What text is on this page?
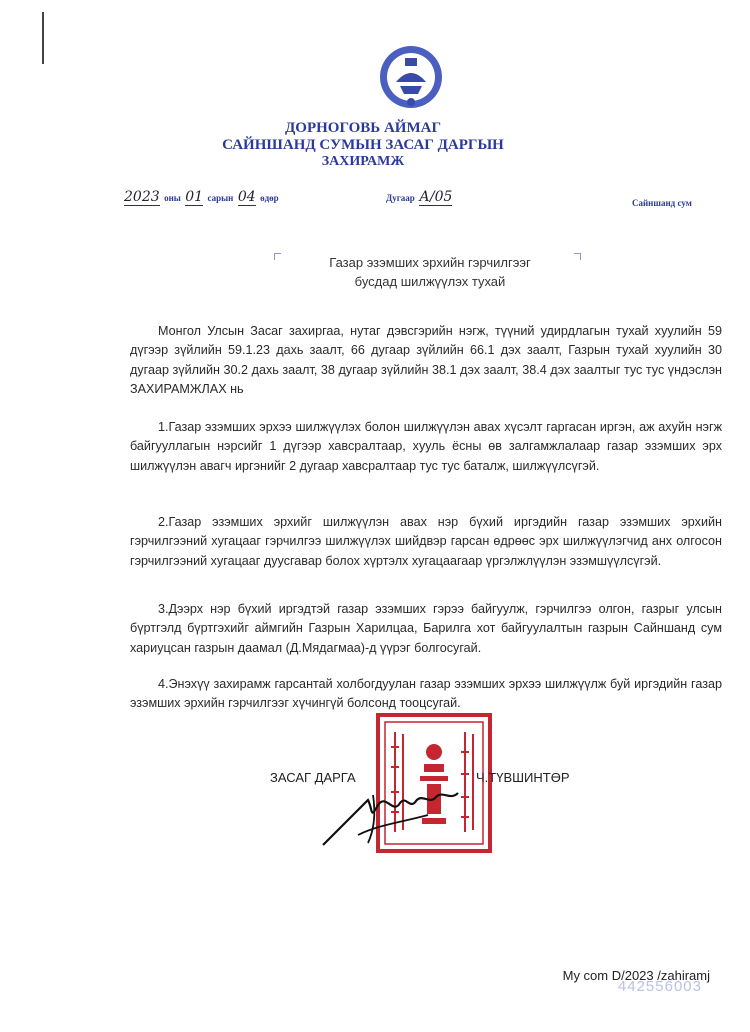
ДОРНОГОВЬ АЙМАГ
САЙНШАНД СУМЫН ЗАСАГ ДАРГЫН
ЗАХИРАМЖ
2023 оны 01 сарын 04 өдөр	Дугаар А/05	Сайншанд сум
Газар эзэмших эрхийн гэрчилгээг
бусдад шилжүүлэх тухай

Монгол Улсын Засаг захиргаа, нутаг дэвсгэрийн нэгж, түүний удирдлагын тухай хуулийн 59 дүгээр зүйлийн 59.1.23 дахь заалт, 66 дугаар зүйлийн 66.1 дэх заалт, Газрын тухай хуулийн 30 дугаар зүйлийн 30.2 дахь заалт, 38 дугаар зүйлийн 38.1 дэх заалт, 38.4 дэх заалтыг тус тус үндэслэн ЗАХИРАМЖЛАХ нь

1.Газар эзэмших эрхээ шилжүүлэх болон шилжүүлэн авах хүсэлт гаргасан иргэн, аж ахуйн нэгж байгууллагын нэрсийг 1 дүгээр хавсралтаар, хууль ёсны өв залгамжлалаар газар эзэмших эрх шилжүүлэн авагч иргэнийг 2 дугаар хавсралтаар тус тус баталж, шилжүүлсүгэй.

2.Газар эзэмших эрхийг шилжүүлэн авах нэр бүхий иргэдийн газар эзэмших эрхийн гэрчилгээний хугацааг гэрчилгээ шилжүүлэх шийдвэр гарсан өдрөөс эрх шилжүүлэгчид анх олгосон гэрчилгээний хугацааг дуусгавар болох хүртэлх хугацаагаар үргэлжлүүлэн эзэмшүүлсүгэй.

3.Дээрх нэр бүхий иргэдтэй газар эзэмших гэрээ байгуулж, гэрчилгээ олгон, газрыг улсын бүртгэлд бүртгэхийг аймгийн Газрын Харилцаа, Барилга хот байгуулалтын газрын Сайншанд сум хариуцсан газрын даамал (Д.Мядагмаа)-д үүрэг болгосугай.

4.Энэхүү захирамж гарсантай холбогдуулан газар эзэмших эрхээ шилжүүлж буй иргэдийн газар эзэмших эрхийн гэрчилгээг хүчингүй болсонд тооцсугай.

ЗАСАГ ДАРГА	Ч.ТҮВШИНТӨР
442556003
My com D/2023 /zahiramj
